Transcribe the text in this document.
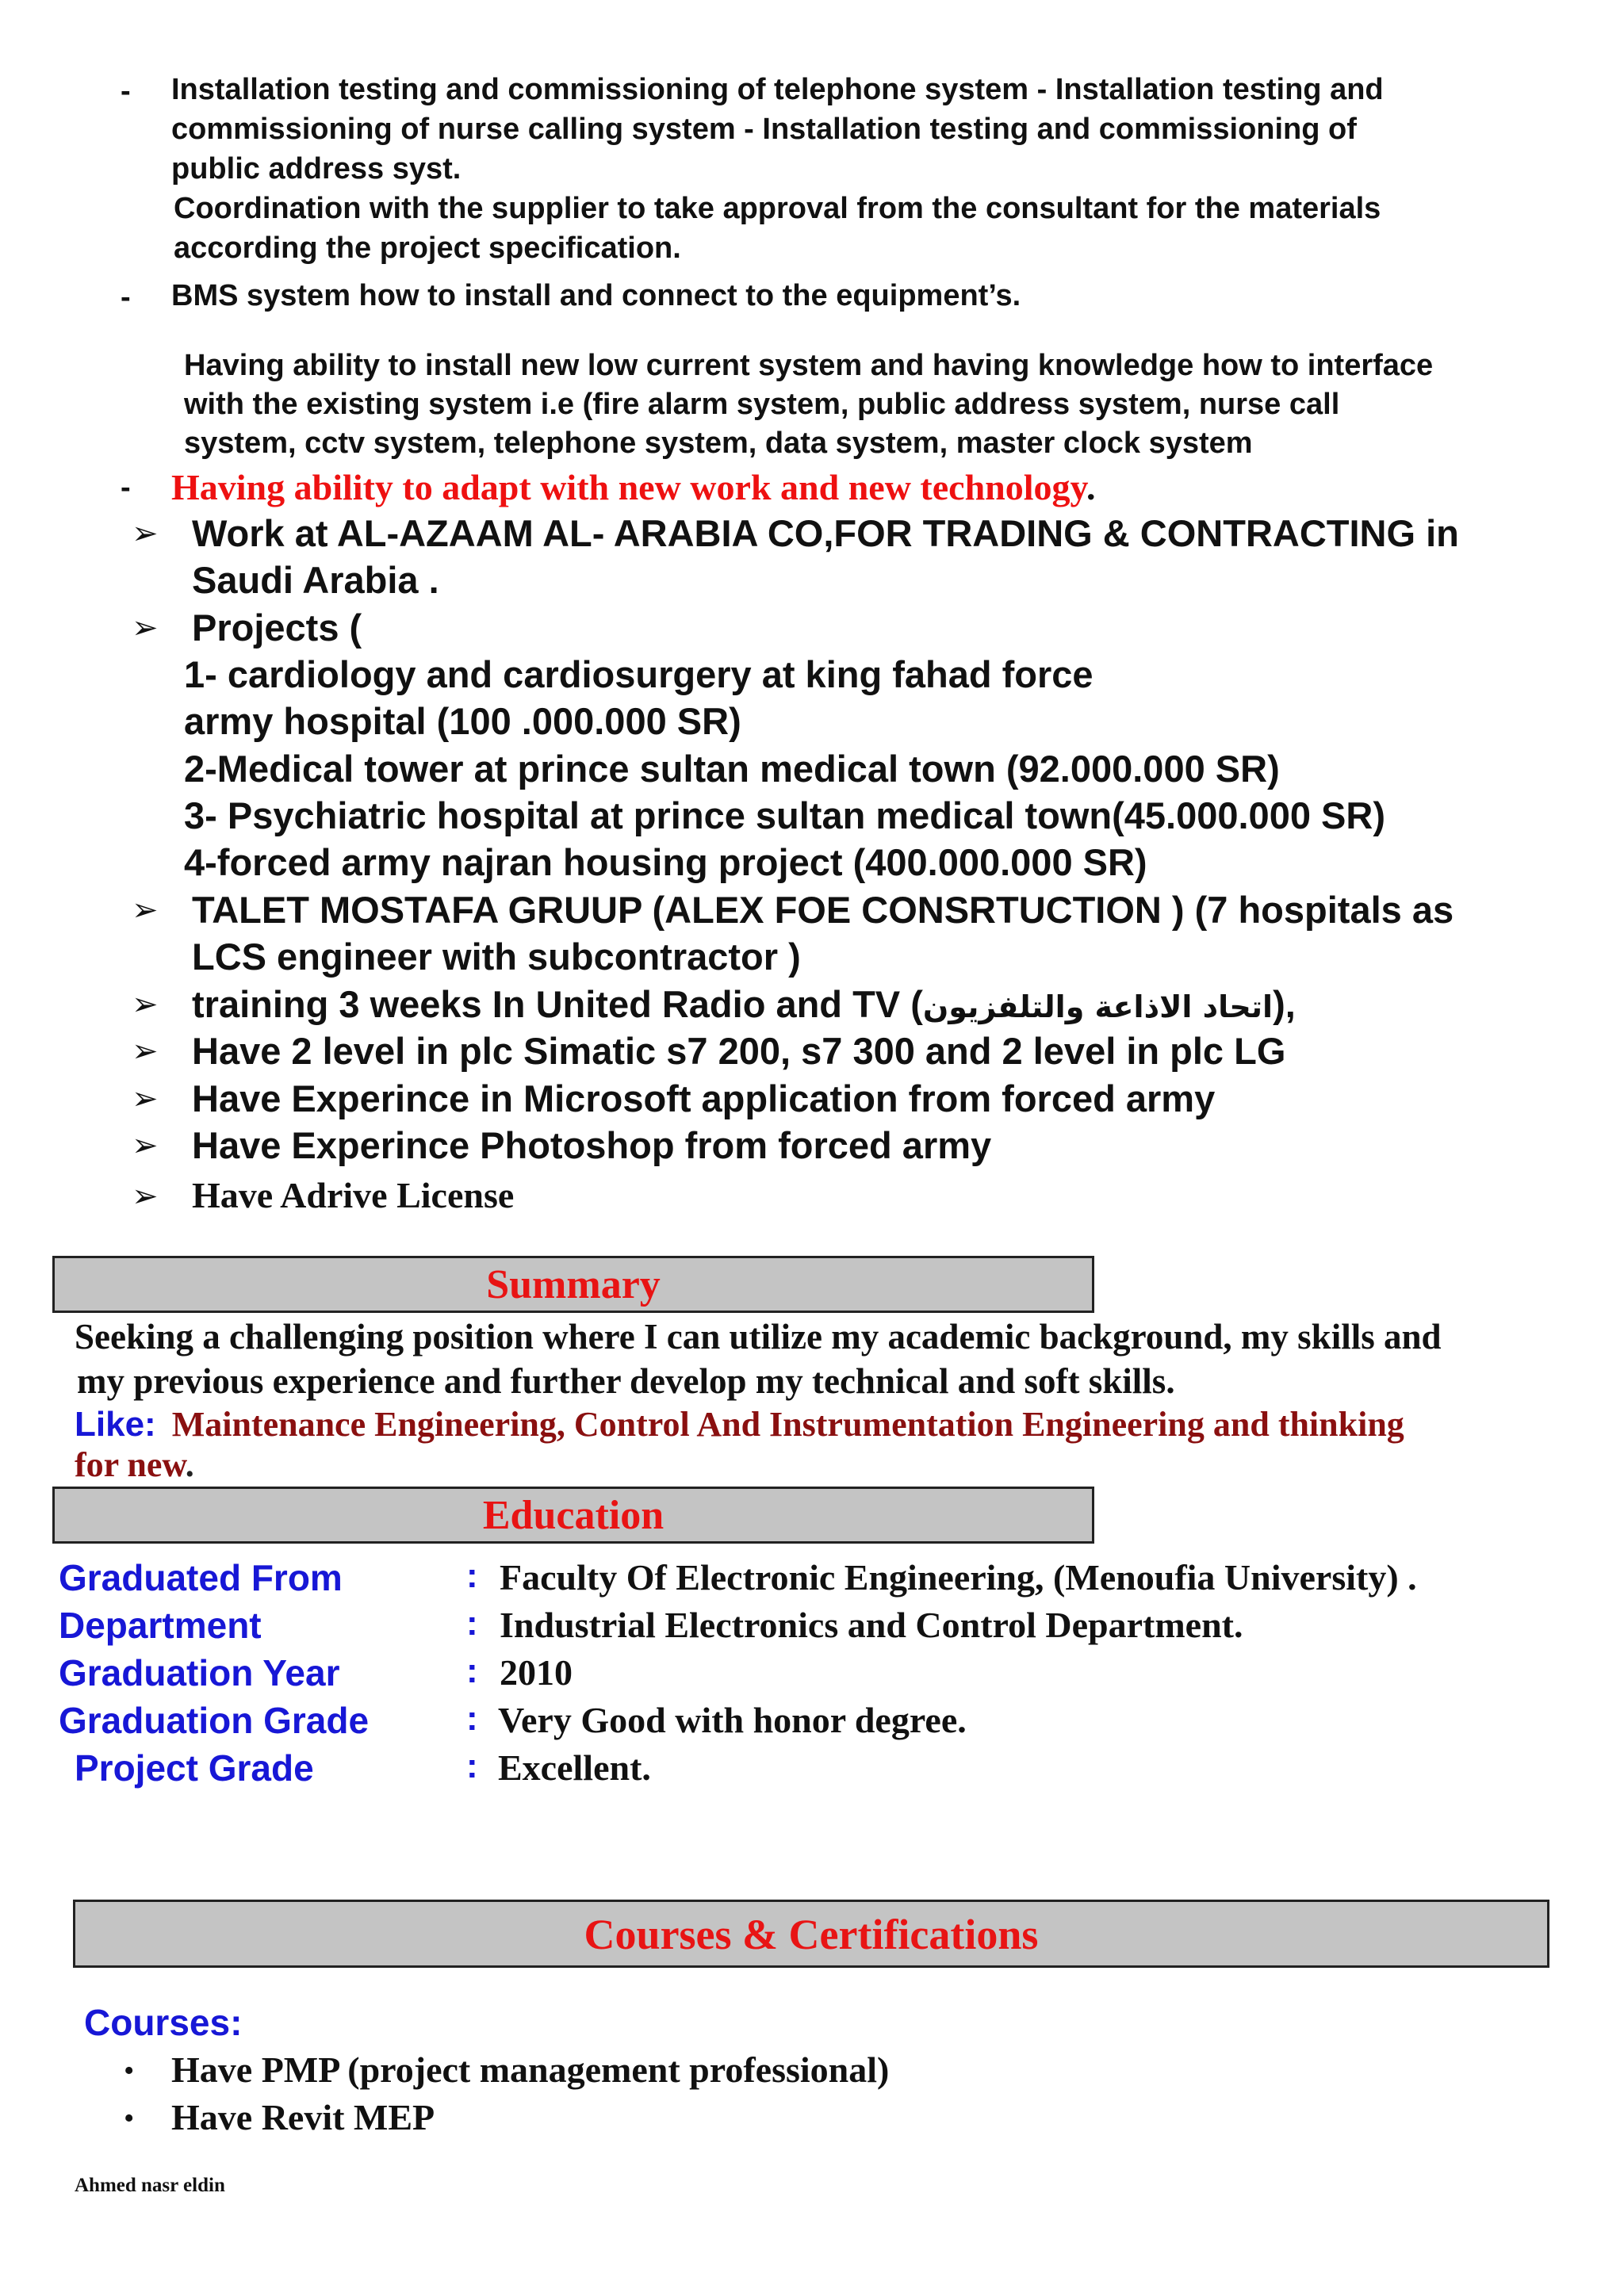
- Installation testing and commissioning of telephone system - Installation testing and
commissioning of nurse calling system - Installation testing and commissioning of
public address syst.
Coordination with the supplier to take approval from the consultant for the materials
according the project specification.
- BMS system how to install and connect to the equipment’s.
Having ability to install new low current system and having knowledge how to interface
with the existing system i.e (fire alarm system, public address system, nurse call
system, cctv system, telephone system, data system, master clock system
- Having ability to adapt with new work and new technology.
➢ Work at AL-AZAAM AL- ARABIA CO,FOR TRADING & CONTRACTING in
Saudi Arabia .
➢ Projects (
1- cardiology and cardiosurgery at king fahad force
army hospital (100 .000.000 SR)
2-Medical tower at prince sultan medical town (92.000.000 SR)
3- Psychiatric hospital at prince sultan medical town(45.000.000 SR)
4-forced army najran housing project (400.000.000 SR)
➢ TALET MOSTAFA GRUUP (ALEX FOE CONSRTUCTION ) (7 hospitals as
LCS engineer with subcontractor )
➢ training 3 weeks In United Radio and TV (اتحاد الاذاعة والتلفزيون),
➢ Have 2 level in plc Simatic s7 200, s7 300 and 2 level in plc LG
➢ Have Experince in Microsoft application from forced army
➢ Have Experince Photoshop from forced army
➢ Have Adrive License
Summary
Seeking a challenging position where I can utilize my academic background, my skills and
my previous experience and further develop my technical and soft skills.
Like: Maintenance Engineering, Control And Instrumentation Engineering and thinking
for new.
Education
Graduated From	: Faculty Of Electronic Engineering, (Menoufia University) .
Department	: Industrial Electronics and Control Department.
Graduation Year	: 2010
Graduation Grade	: Very Good with honor degree.
Project Grade	: Excellent.
Courses & Certifications
Courses:
• Have PMP (project management professional)
• Have Revit MEP
Ahmed nasr eldin
